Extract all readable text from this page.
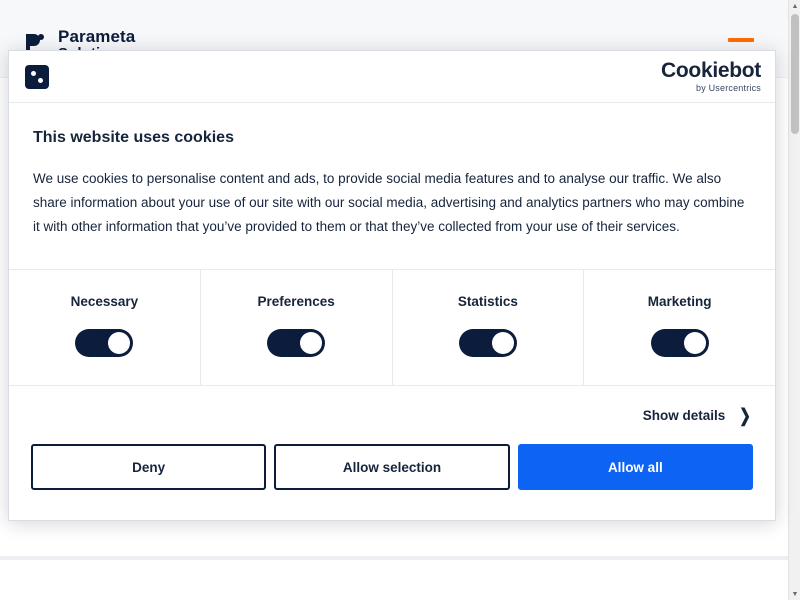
Parameta
▲
▼
Cookiebot
by Usercentrics
This website uses cookies
We use cookies to personalise content and ads, to provide social media features and to analyse our traffic. We also share information about your use of our site with our social media, advertising and analytics partners who may combine it with other information that you’ve provided to them or that they’ve collected from your use of their services.
Necessary	Preferences	Statistics	Marketing
Show details ❯
Deny	Allow selection	Allow all
